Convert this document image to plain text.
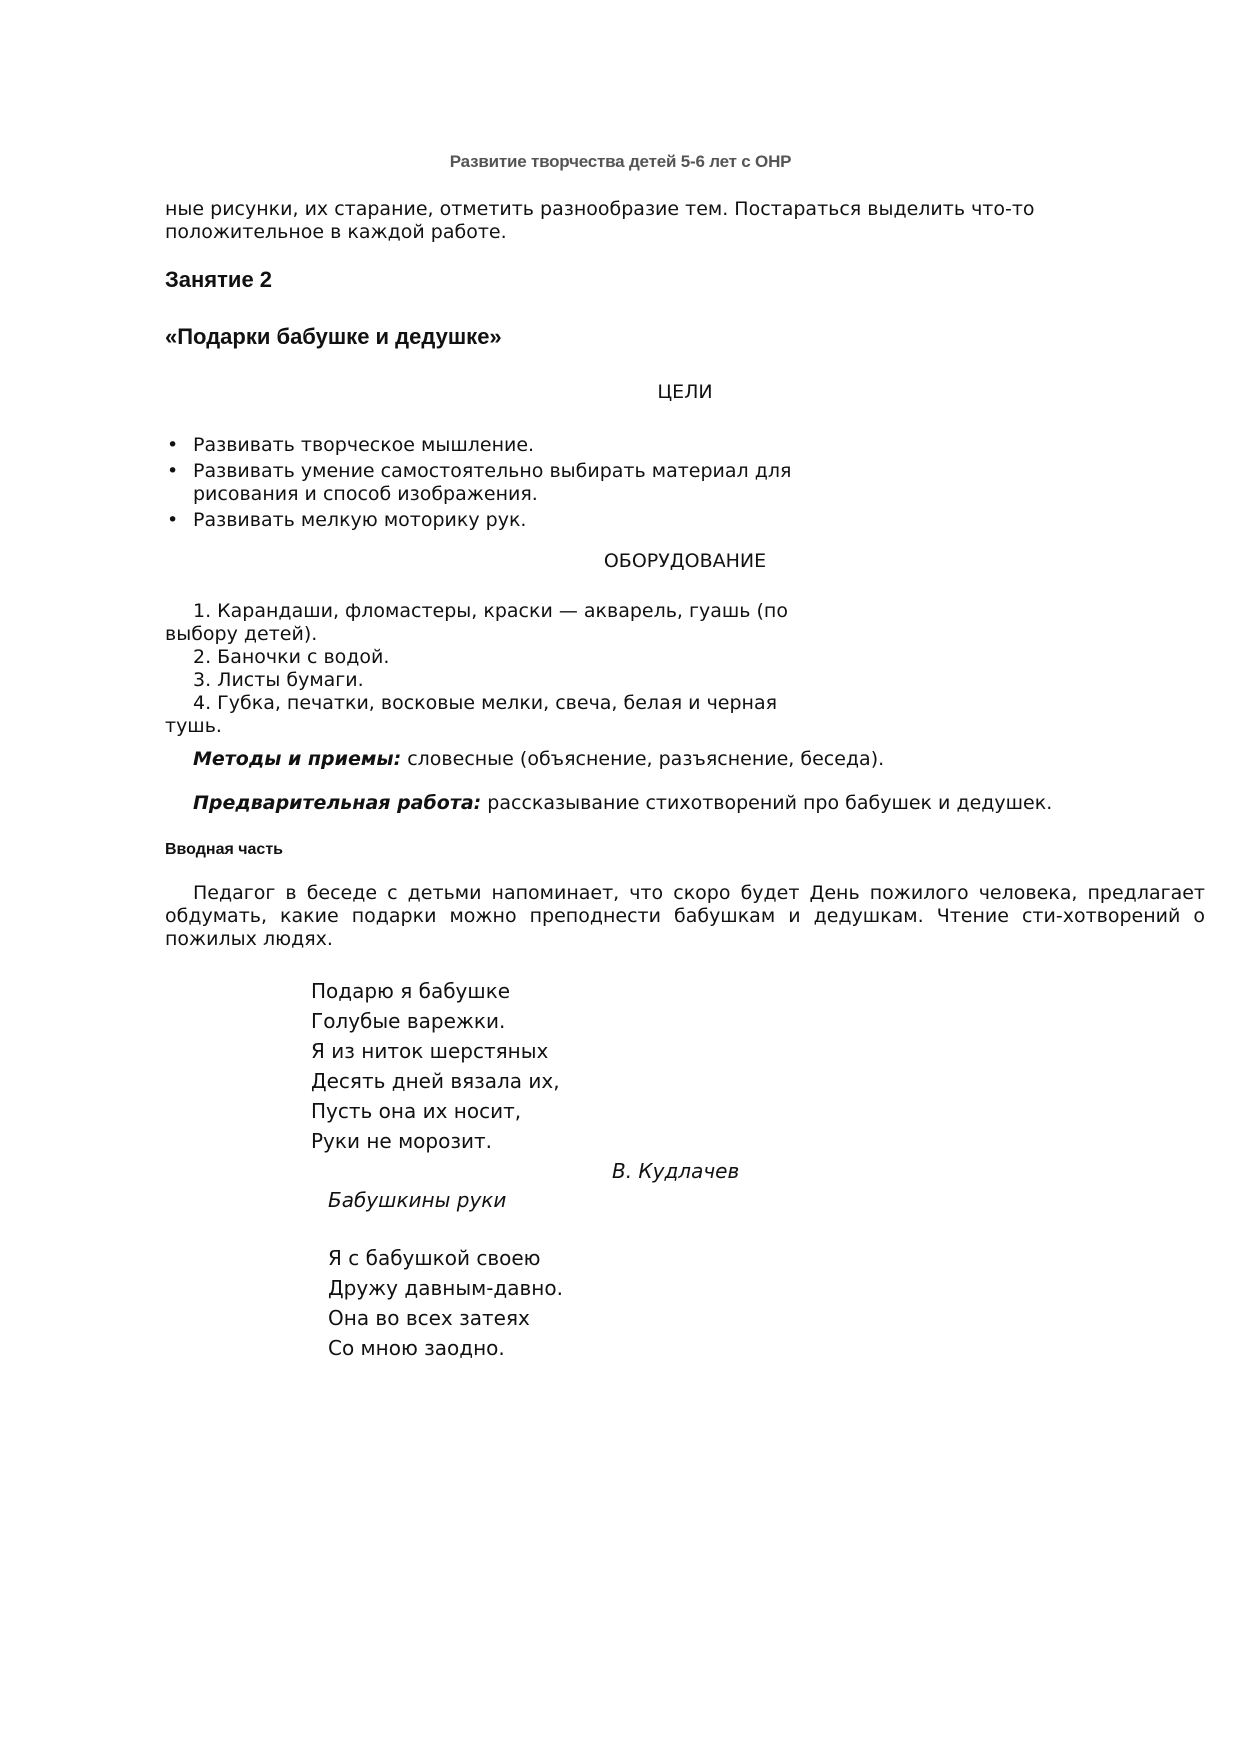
Развитие творчества детей 5-6 лет с ОНР
ные рисунки, их старание, отметить разнообразие тем. Постараться выделить что-то
положительное в каждой работе.
Занятие 2
«Подарки бабушке и дедушке»
ЦЕЛИ
• Развивать творческое мышление.
• Развивать умение самостоятельно выбирать материал для
рисования и способ изображения.
• Развивать мелкую моторику рук.
ОБОРУДОВАНИЕ
1. Карандаши, фломастеры, краски — акварель, гуашь (по
выбору детей).
2. Баночки с водой.
3. Листы бумаги.
4. Губка, печатки, восковые мелки, свеча, белая и черная
тушь.
Методы и приемы: словесные (объяснение, разъяснение, беседа).
Предварительная работа: рассказывание стихотворений про бабушек и дедушек.
Вводная часть
Педагог в беседе с детьми напоминает, что скоро будет День пожилого человека, предлагает обдумать, какие подарки можно преподнести бабушкам и дедушкам. Чтение сти-хотворений о пожилых людях.
Подарю я бабушке
Голубые варежки.
Я из ниток шерстяных
Десять дней вязала их,
Пусть она их носит,
Руки не морозит.
В. Кудлачев
Бабушкины руки
Я с бабушкой своею
Дружу давным-давно.
Она во всех затеях
Со мною заодно.
